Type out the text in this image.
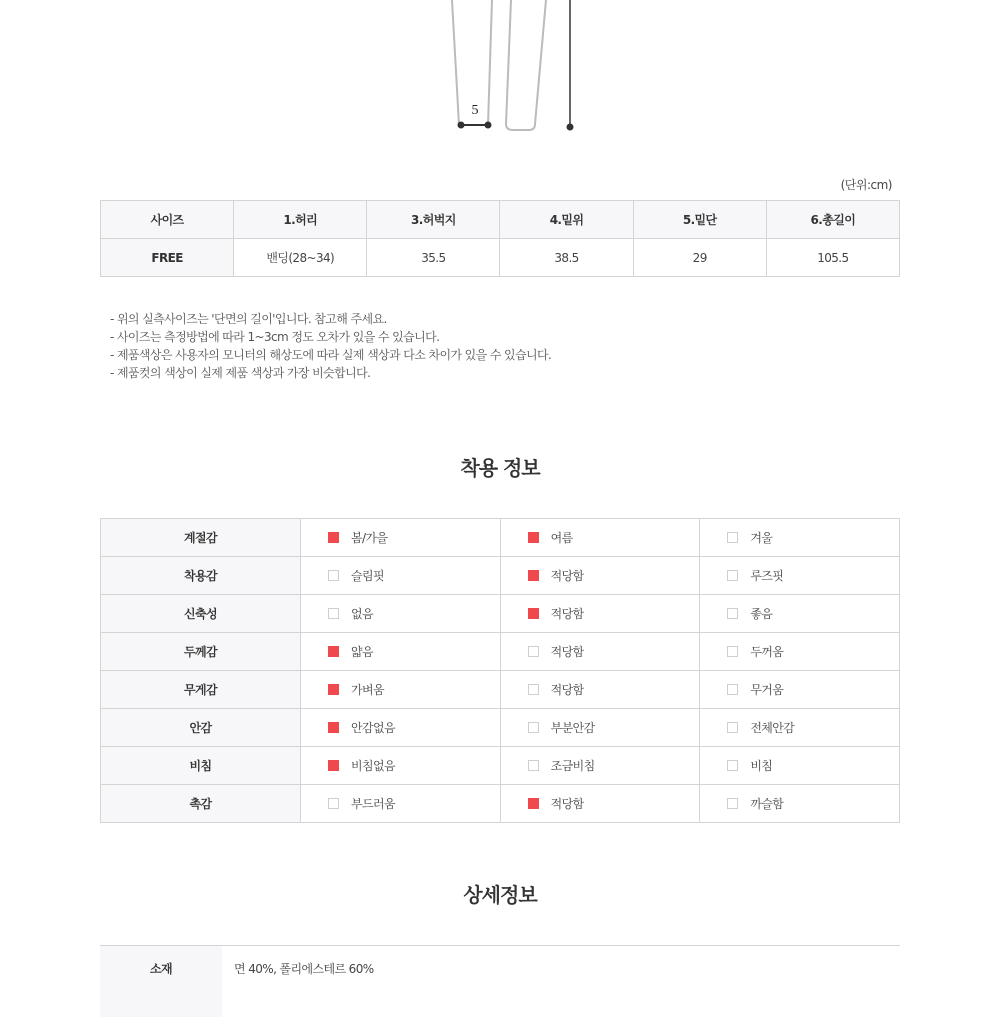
5
(단위:cm)
사이즈	1.허리	3.허벅지	4.밑위	5.밑단	6.총길이
FREE	밴딩(28~34)	35.5	38.5	29	105.5
- 위의 실측사이즈는 '단면의 길이'입니다. 참고해 주세요.
- 사이즈는 측정방법에 따라 1~3cm 정도 오차가 있을 수 있습니다.
- 제품색상은 사용자의 모니터의 해상도에 따라 실제 색상과 다소 차이가 있을 수 있습니다.
- 제품컷의 색상이 실제 제품 색상과 가장 비슷합니다.
착용 정보
계절감	봄/가을	여름	겨울

착용감	슬림핏	적당함	루즈핏

신축성	없음	적당함	좋음

두께감	얇음	적당함	두꺼움

무게감	가벼움	적당함	무거움

안감	안감없음	부분안감	전체안감

비침	비침없음	조금비침	비침

촉감	부드러움	적당함	까슬함
상세정보
소재	면 40%, 폴리에스테르 60%
